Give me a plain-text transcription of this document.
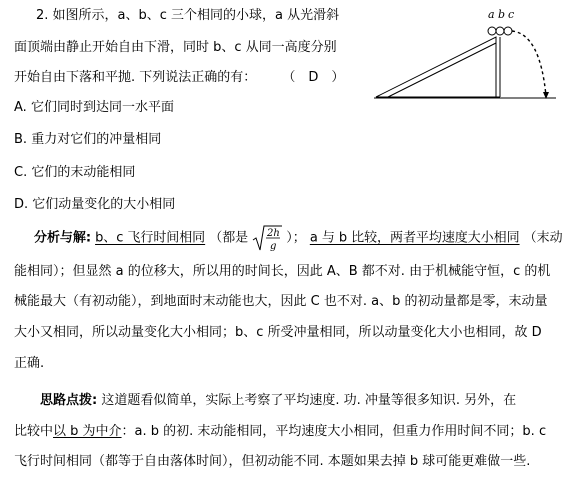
2. 如图所示，a、b、c 三个相同的小球，a 从光滑斜
面顶端由静止开始自由下滑，同时 b、c 从同一高度分别
开始自由下落和平抛. 下列说法正确的有： （　D　）
A. 它们同时到达同一水平面
B. 重力对它们的冲量相同
C. 它们的末动能相同
D. 它们动量变化的大小相同
a b c
分析与解: b、c 飞行时间相同 （都是 2h
g
）； a 与 b 比较，两者平均速度大小相同 （末动
能相同）；但显然 a 的位移大，所以用的时间长，因此 A、B 都不对. 由于机械能守恒，c 的机
械能最大（有初动能），到地面时末动能也大，因此 C 也不对. a、b 的初动量都是零，末动量
大小又相同，所以动量变化大小相同；b、c 所受冲量相同，所以动量变化大小也相同，故 D
正确.
思路点拨: 这道题看似简单，实际上考察了平均速度. 功. 冲量等很多知识. 另外，在
比较中以 b 为中介：a. b 的初. 末动能相同，平均速度大小相同，但重力作用时间不同；b. c
飞行时间相同（都等于自由落体时间），但初动能不同. 本题如果去掉 b 球可能更难做一些.
